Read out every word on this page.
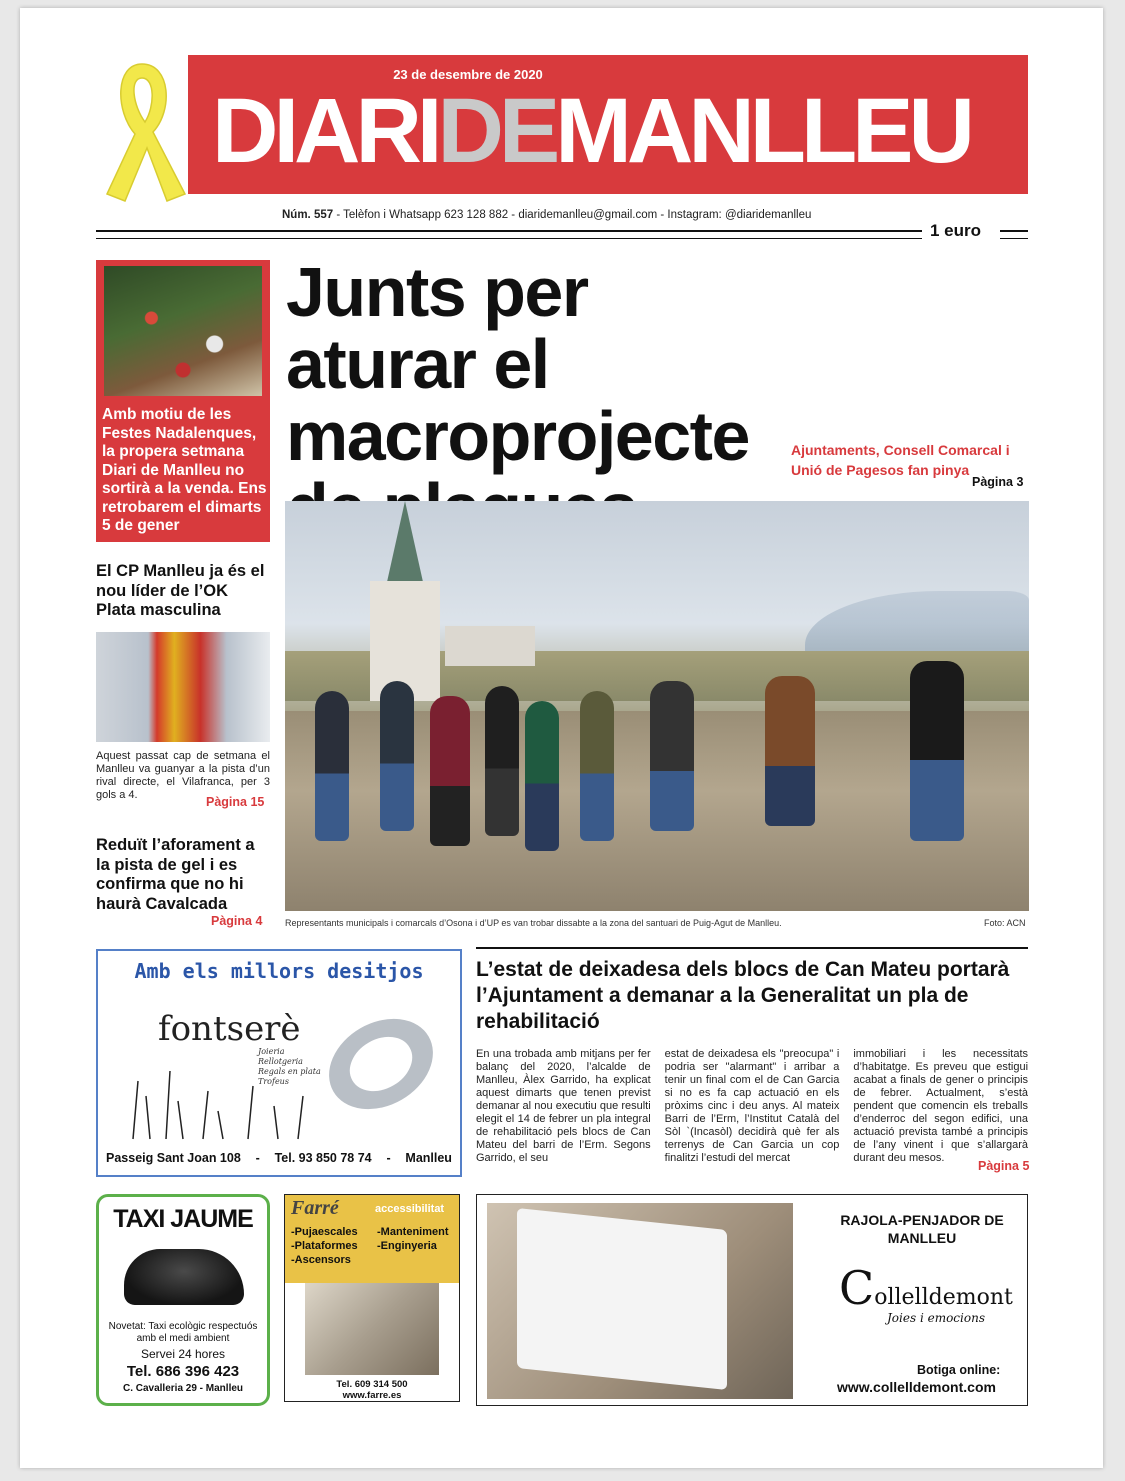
23 de desembre de 2020
DIARIDEMANLLEU
Núm. 557 - Telèfon i Whatsapp 623 128 882 - diaridemanlleu@gmail.com - Instagram: @diaridemanlleu
1 euro
Amb motiu de les Festes Nadalenques, la propera setmana Diari de Manlleu no sortirà a la venda. Ens retrobarem el dimarts 5 de gener
El CP Manlleu ja és el nou líder de l’OK Plata masculina
Aquest passat cap de setmana el Manlleu va guanyar a la pista d’un rival directe, el Vilafranca, per 3 gols a 4.	Pàgina 15
Reduït l’aforament a la pista de gel i es confirma que no hi haurà Cavalcada
Pàgina 4
Junts per aturar el macroprojecte	Ajuntaments, Consell Comarcal i Unió de Pagesos fan pinya
Pàgina 3
Representants municipals i comarcals d’Osona i d’UP es van trobar dissabte a la zona del santuari de Puig-Agut de Manlleu.	Foto: ACN
Amb els millors desitjos
fontserè
Joieria
Rellotgeria
Regals en plata
Trofeus
Passeig Sant Joan 108 - Tel. 93 850 78 74 - Manlleu
L’estat de deixadesa dels blocs de Can Mateu portarà l’Ajuntament a demanar a la Generalitat un pla de rehabilitació
En una trobada amb mitjans per fer balanç del 2020, l’alcalde de Manlleu, Àlex Garrido, ha explicat aquest dimarts que tenen previst demanar al nou executiu que resulti elegit el 14 de febrer un pla integral de rehabilitació pels blocs de Can Mateu del barri de l’Erm. Segons Garrido, el seu
estat de deixadesa els "preocupa" i podria ser "alarmant" i arribar a tenir un final com el de Can Garcia si no es fa cap actuació en els pròxims cinc i deu anys. Al mateix Barri de l’Erm, l’Institut Català del Sòl `(Incasòl) decidirà què fer als terrenys de Can Garcia un cop finalitzi l’estudi del mercat
immobiliari i les necessitats d’habitatge. Es preveu que estigui acabat a finals de gener o principis de febrer. Actualment, s’està pendent que comencin els treballs d’enderroc del segon edifici, una actuació prevista també a principis de l’any vinent i que s’allargarà durant deu mesos.
Pàgina 5
TAXI JAUME
Novetat: Taxi ecològic respectuós amb el medi ambient
Servei 24 hores
Tel. 686 396 423
C. Cavalleria 29 - Manlleu
Farré	accessibilitat
-Pujaescales
-Plataformes
-Ascensors
-Manteniment
-Enginyeria
Tel. 609 314 500
www.farre.es
RAJOLA-PENJADOR DE MANLLEU
Collelldemont
Joies i emocions
Botiga online:
www.collelldemont.com
